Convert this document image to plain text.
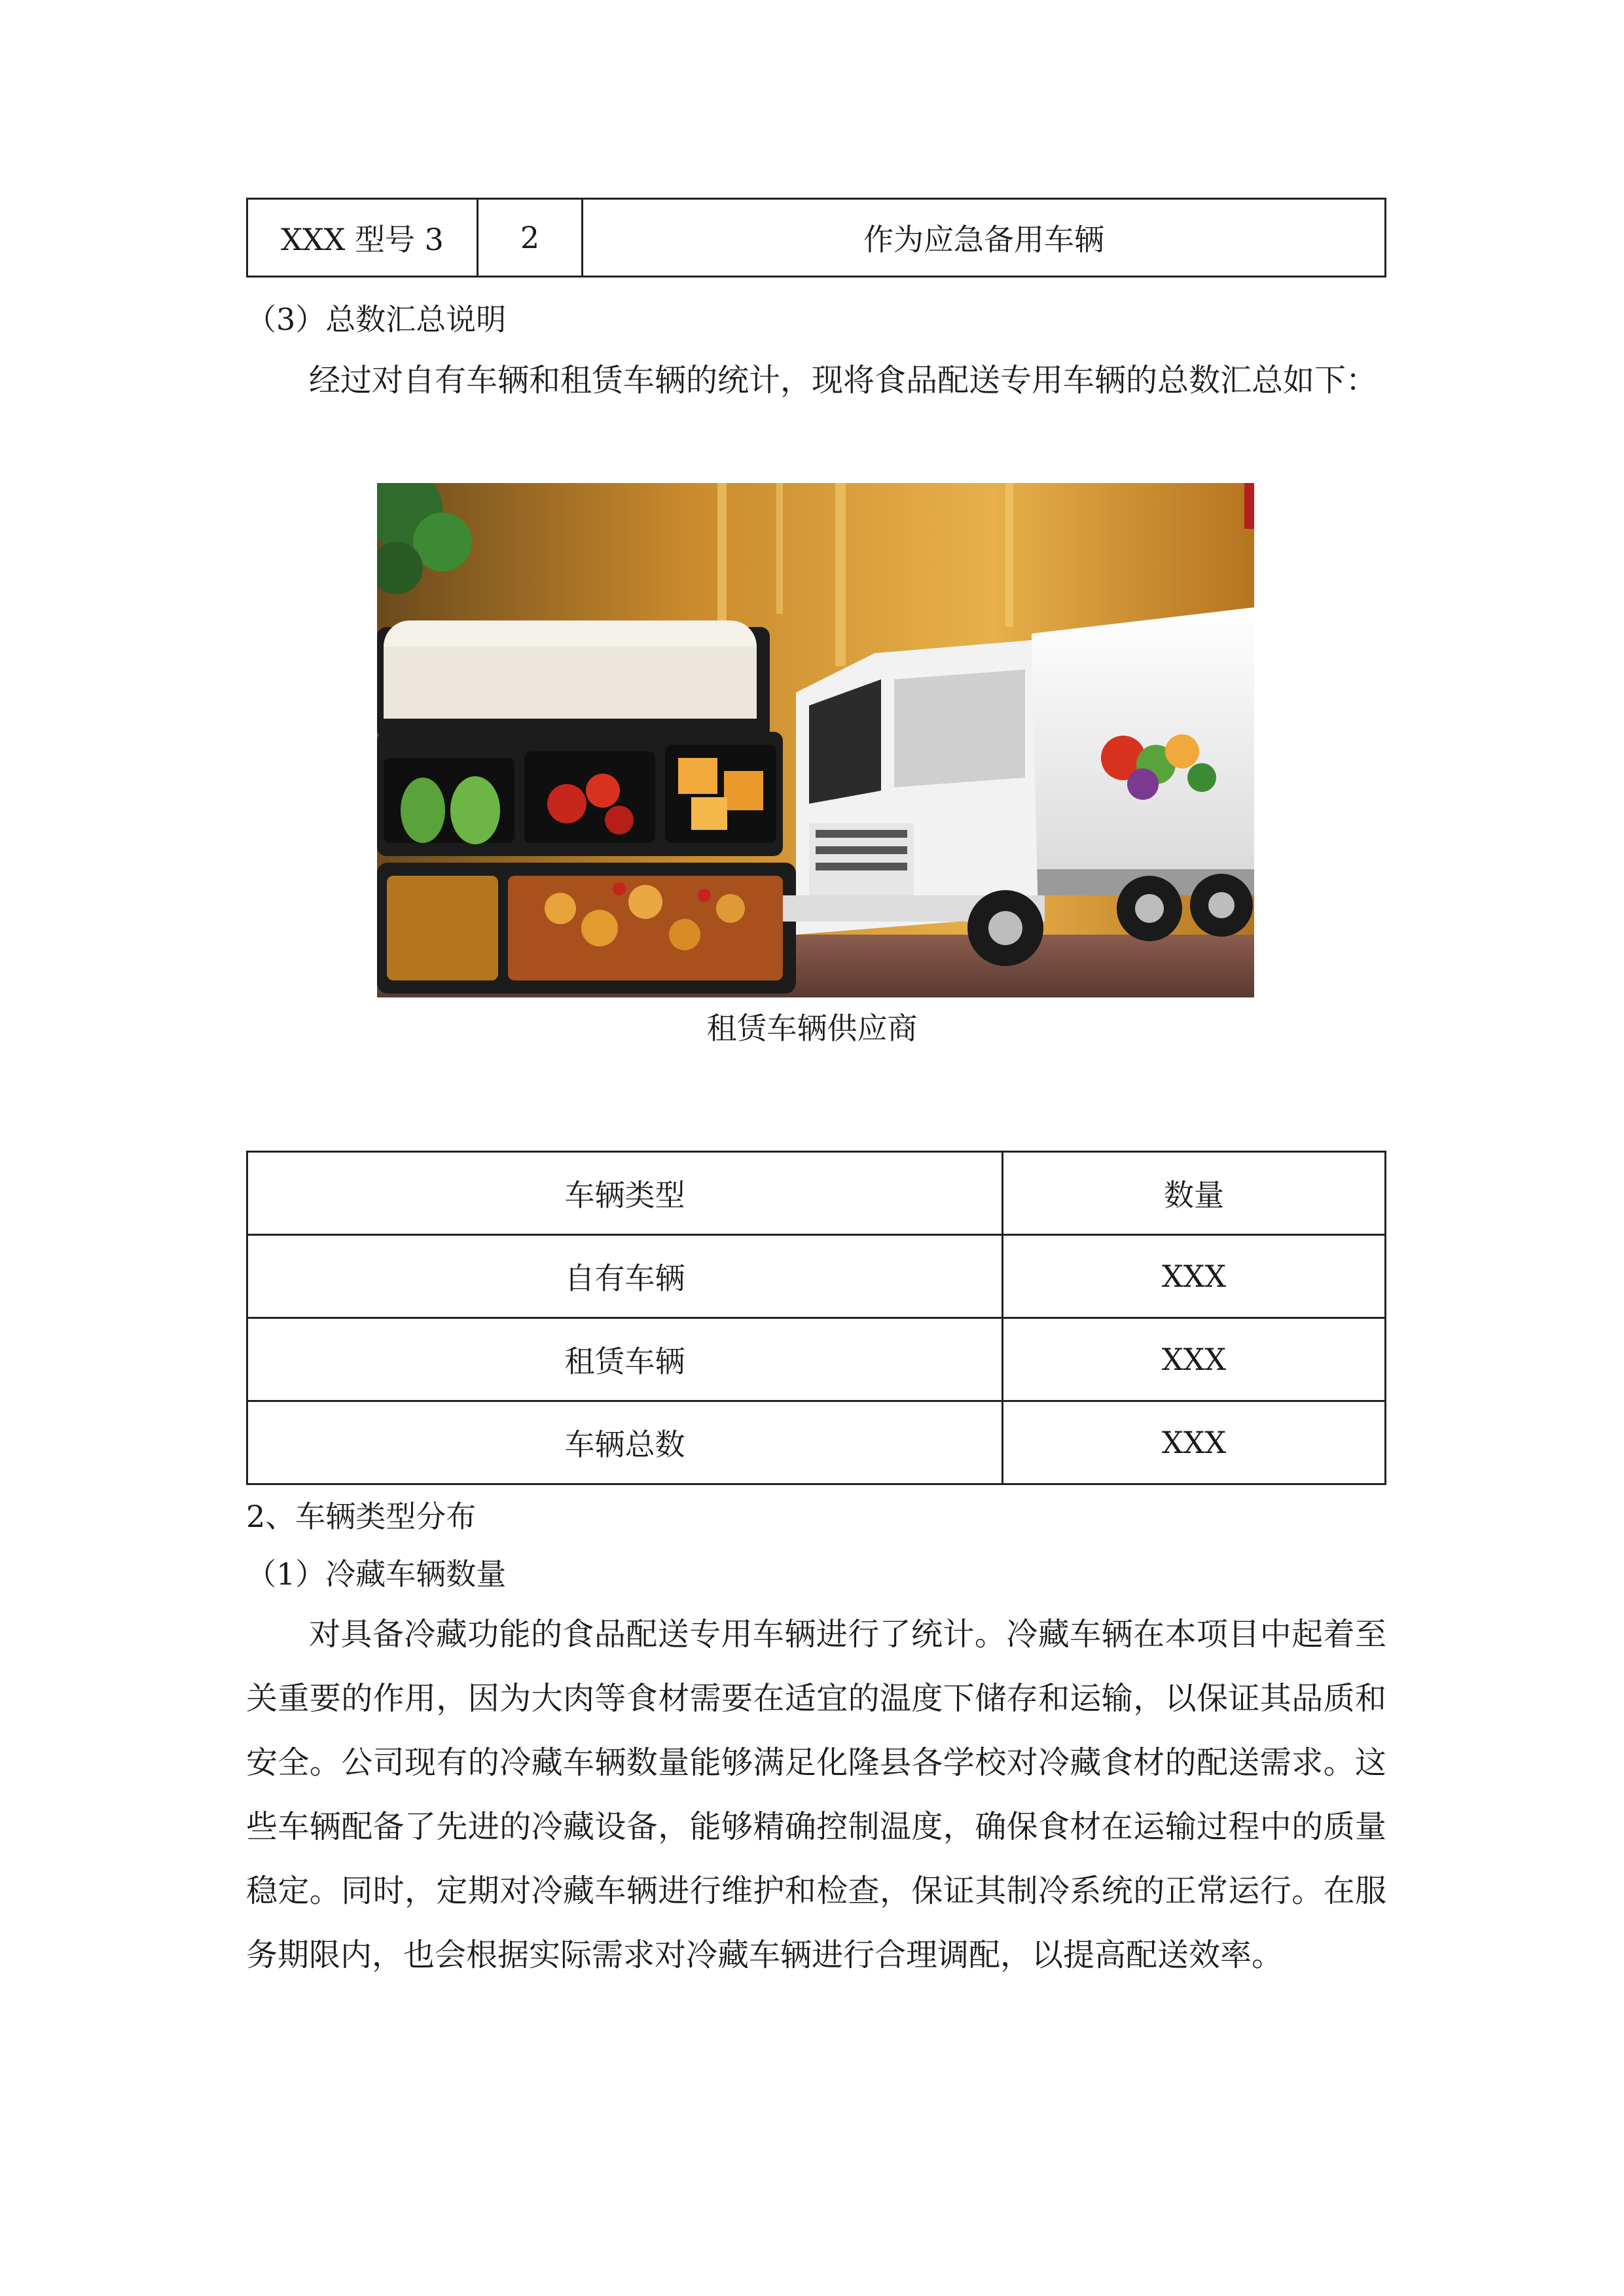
XXX 型号 3	2	作为应急备用车辆
（3）总数汇总说明
经过对自有车辆和租赁车辆的统计，现将食品配送专用车辆的总数汇总如下：
租赁车辆供应商
车辆类型	数量
自有车辆	XXX
租赁车辆	XXX
车辆总数	XXX
2、车辆类型分布
（1）冷藏车辆数量
对具备冷藏功能的食品配送专用车辆进行了统计。冷藏车辆在本项目中起着至关重要的作用，因为大肉等食材需要在适宜的温度下储存和运输，以保证其品质和安全。公司现有的冷藏车辆数量能够满足化隆县各学校对冷藏食材的配送需求。这些车辆配备了先进的冷藏设备，能够精确控制温度，确保食材在运输过程中的质量稳定。同时，定期对冷藏车辆进行维护和检查，保证其制冷系统的正常运行。在服务期限内，也会根据实际需求对冷藏车辆进行合理调配，以提高配送效率。
